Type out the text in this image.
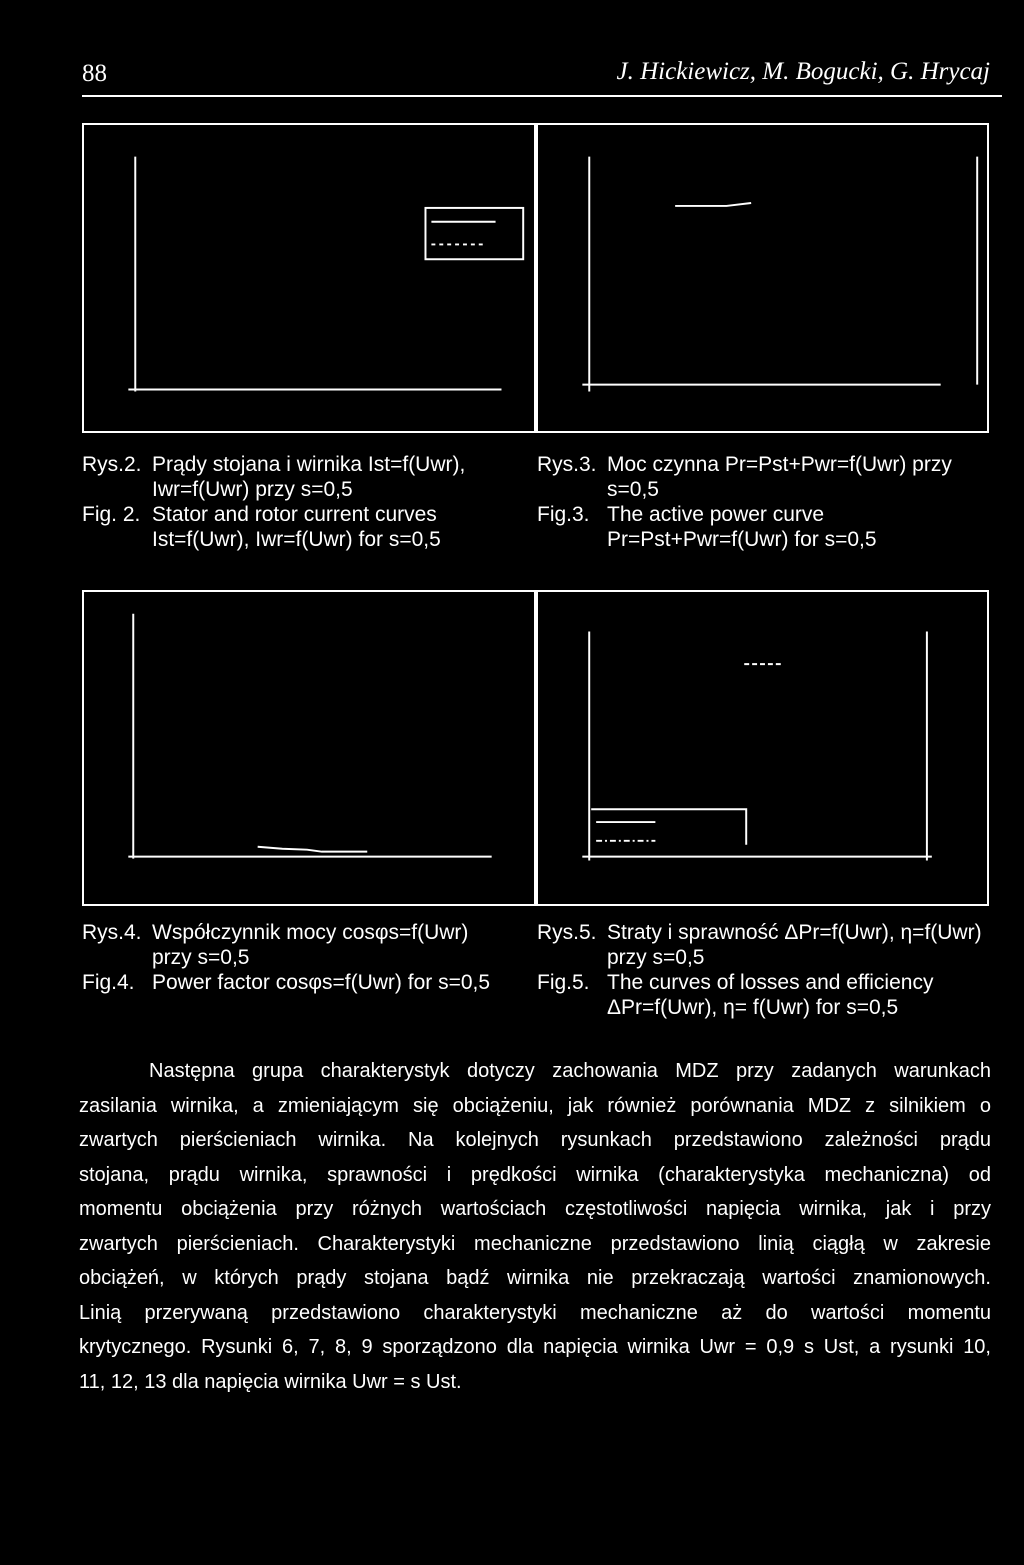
88	J. Hickiewicz, M. Bogucki, G. Hrycaj
Rys.2. Prądy stojana i wirnika Ist=f(Uwr),
Iwr=f(Uwr) przy s=0,5
Fig. 2. Stator and rotor current curves
Ist=f(Uwr), Iwr=f(Uwr) for s=0,5
Rys.3. Moc czynna Pr=Pst+Pwr=f(Uwr) przy
s=0,5
Fig.3. The active power curve
Pr=Pst+Pwr=f(Uwr) for s=0,5
Rys.4. Współczynnik mocy cosφs=f(Uwr)
przy s=0,5
Fig.4. Power factor cosφs=f(Uwr) for s=0,5
Rys.5. Straty i sprawność ΔPr=f(Uwr), η=f(Uwr)
przy s=0,5
Fig.5. The curves of losses and efficiency
ΔPr=f(Uwr), η= f(Uwr) for s=0,5
Następna grupa charakterystyk dotyczy zachowania MDZ przy zadanych warunkach
zasilania wirnika, a zmieniającym się obciążeniu, jak również porównania MDZ z silnikiem o
zwartych pierścieniach wirnika. Na kolejnych rysunkach przedstawiono zależności prądu
stojana, prądu wirnika, sprawności i prędkości wirnika (charakterystyka mechaniczna) od
momentu obciążenia przy różnych wartościach częstotliwości napięcia wirnika, jak i przy
zwartych pierścieniach. Charakterystyki mechaniczne przedstawiono linią ciągłą w zakresie
obciążeń, w których prądy stojana bądź wirnika nie przekraczają wartości znamionowych.
Linią przerywaną przedstawiono charakterystyki mechaniczne aż do wartości momentu
krytycznego. Rysunki 6, 7, 8, 9 sporządzono dla napięcia wirnika Uwr = 0,9 s Ust, a rysunki 10,
11, 12, 13 dla napięcia wirnika Uwr = s Ust.
